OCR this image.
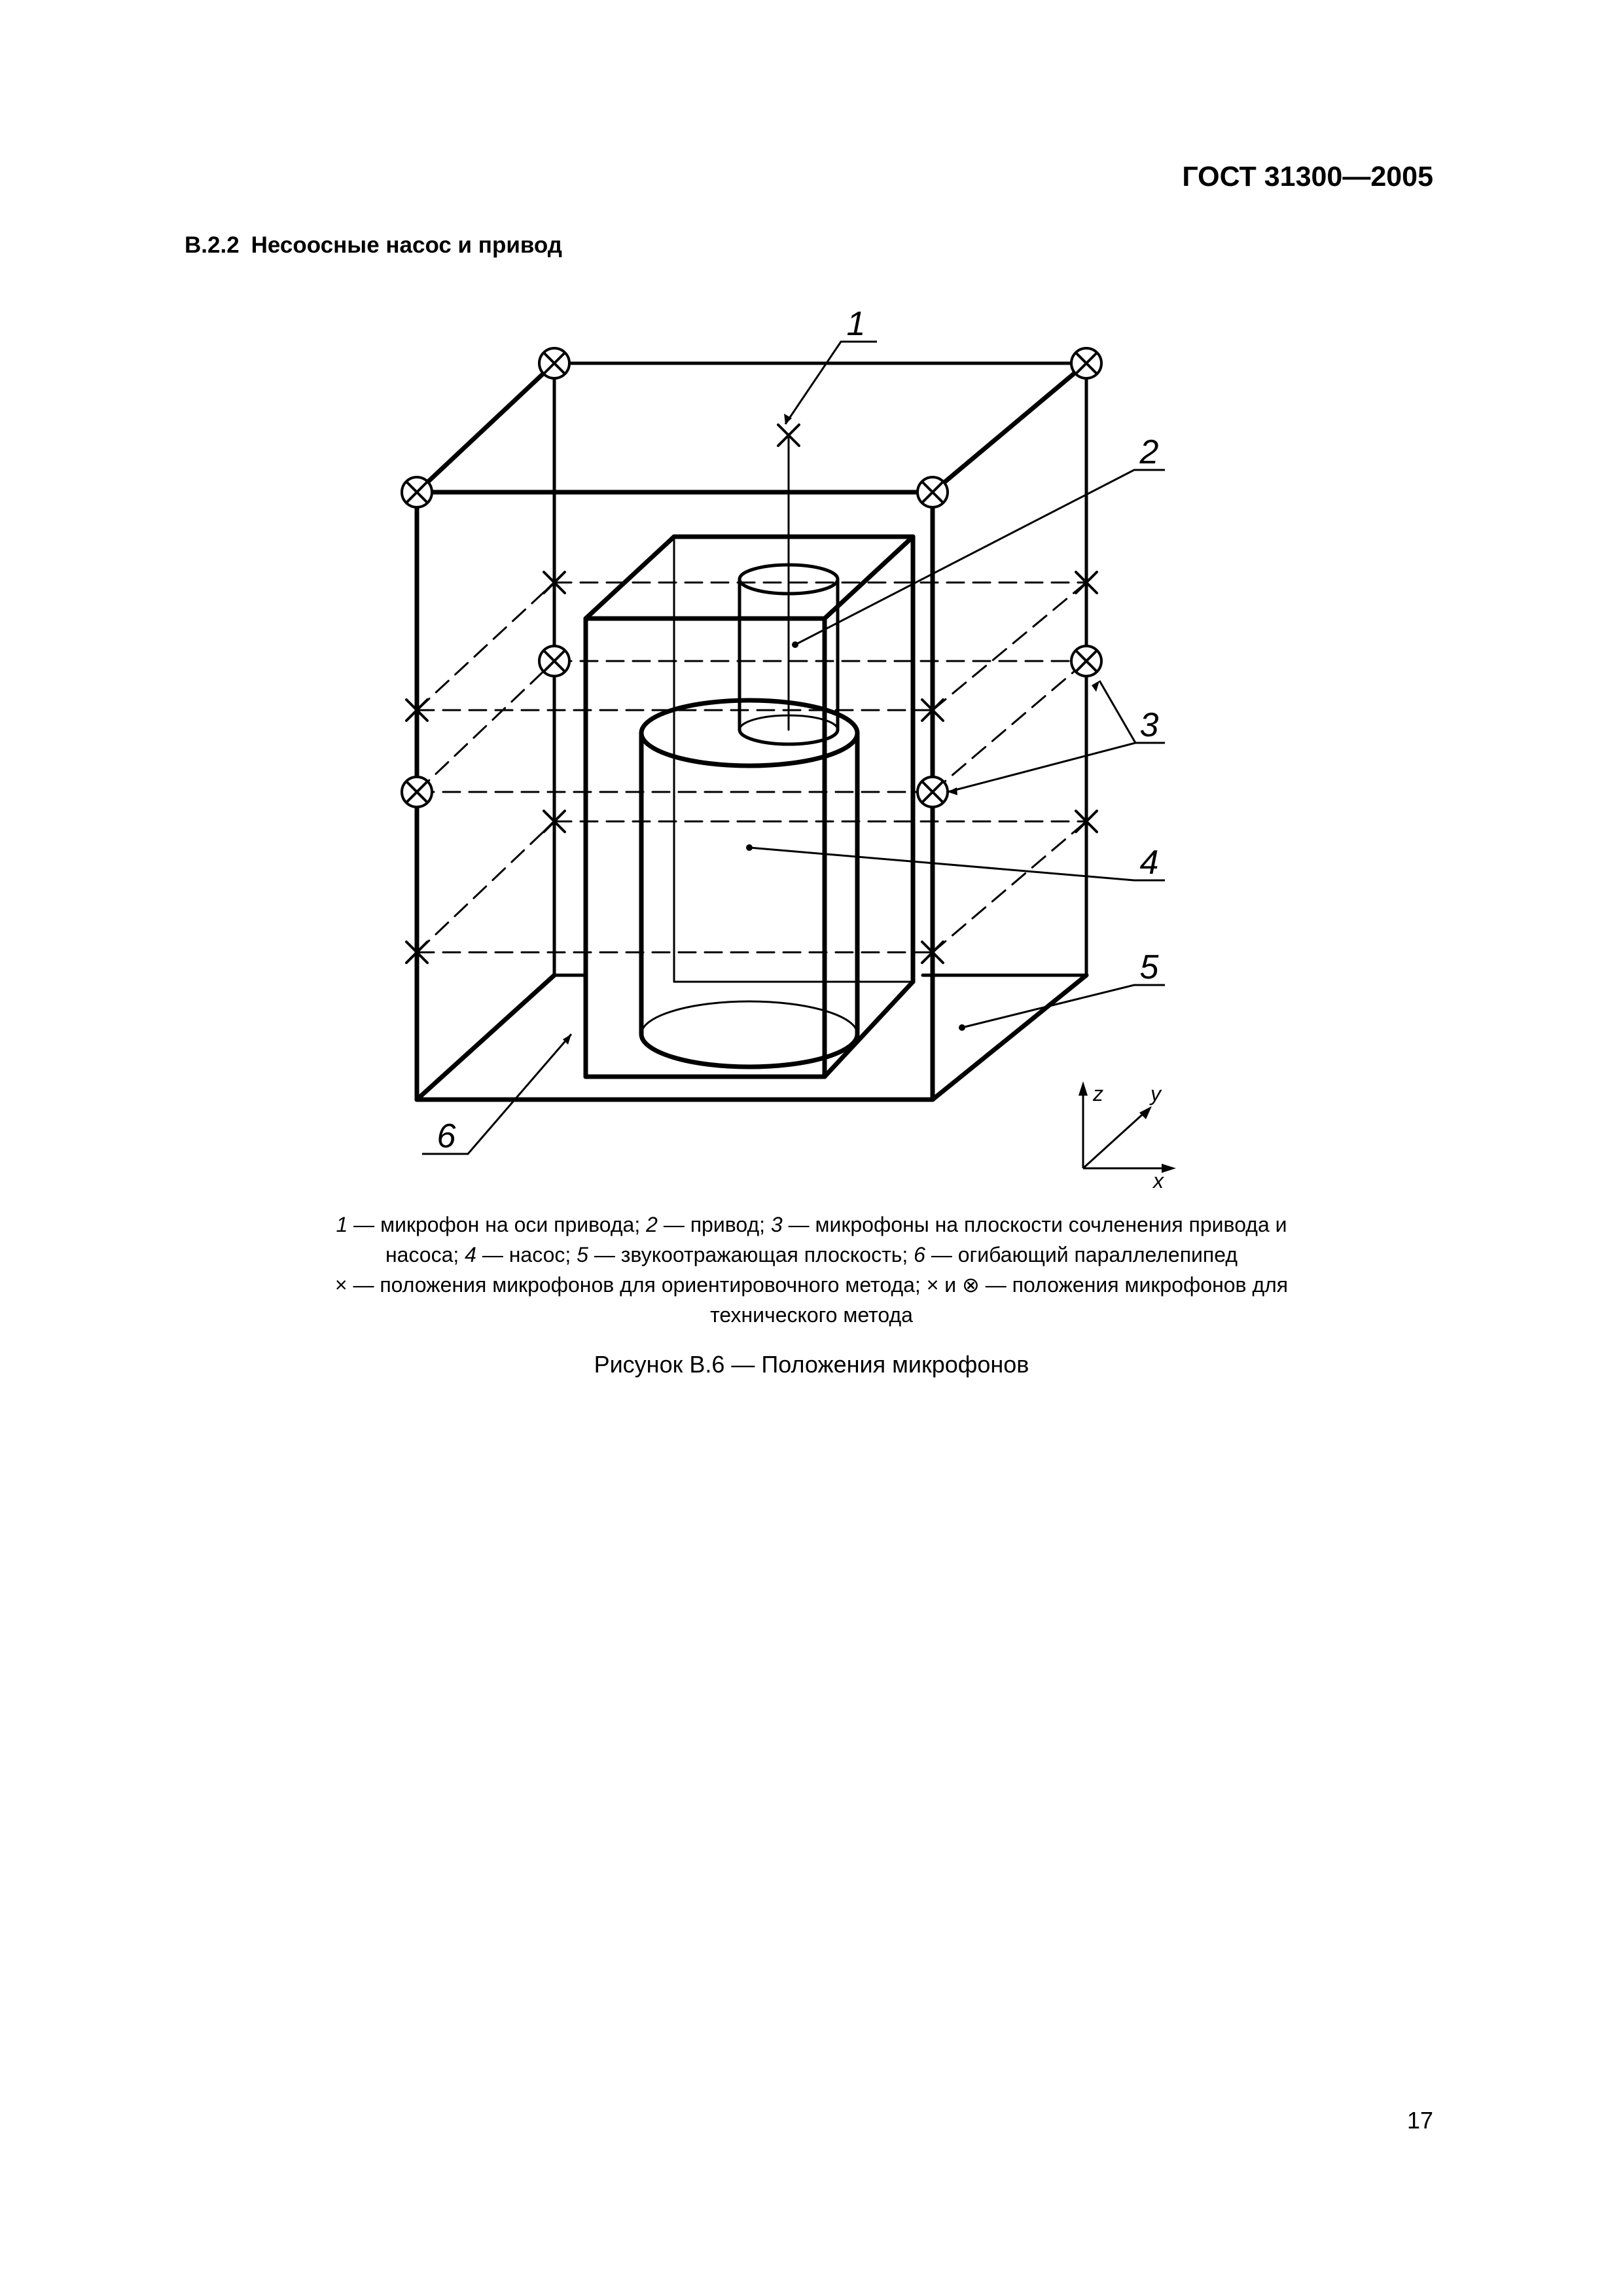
ГОСТ 31300—2005
В.2.2 Несоосные насос и привод
1
2
3
4
5
6
z y
x
1 — микрофон на оси привода; 2 — привод; 3 — микрофоны на плоскости сочленения привода и
насоса; 4 — насос; 5 — звукоотражающая плоскость; 6 — огибающий параллелепипед
× — положения микрофонов для ориентировочного метода; × и ⊗ — положения микрофонов для
технического метода
Рисунок В.6 — Положения микрофонов
17
